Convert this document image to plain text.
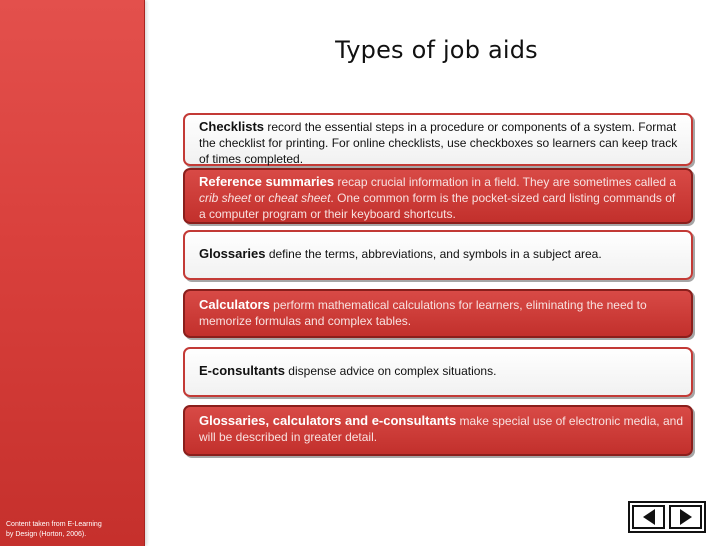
Content taken from E-Learning
by Design (Horton, 2006).
Types of job aids
Checklists record the essential steps in a procedure or components of a system. Format the checklist for printing. For online checklists, use checkboxes so learners can keep track of times completed.
Reference summaries recap crucial information in a field. They are sometimes called a crib sheet or cheat sheet. One common form is the pocket-sized card listing commands of a computer program or their keyboard shortcuts.
Glossaries define the terms, abbreviations, and symbols in a subject area.
Calculators perform mathematical calculations for learners, eliminating the need to memorize formulas and complex tables.
E-consultants dispense advice on complex situations.
Glossaries, calculators and e-consultants make special use of electronic media, and will be described in greater detail.
